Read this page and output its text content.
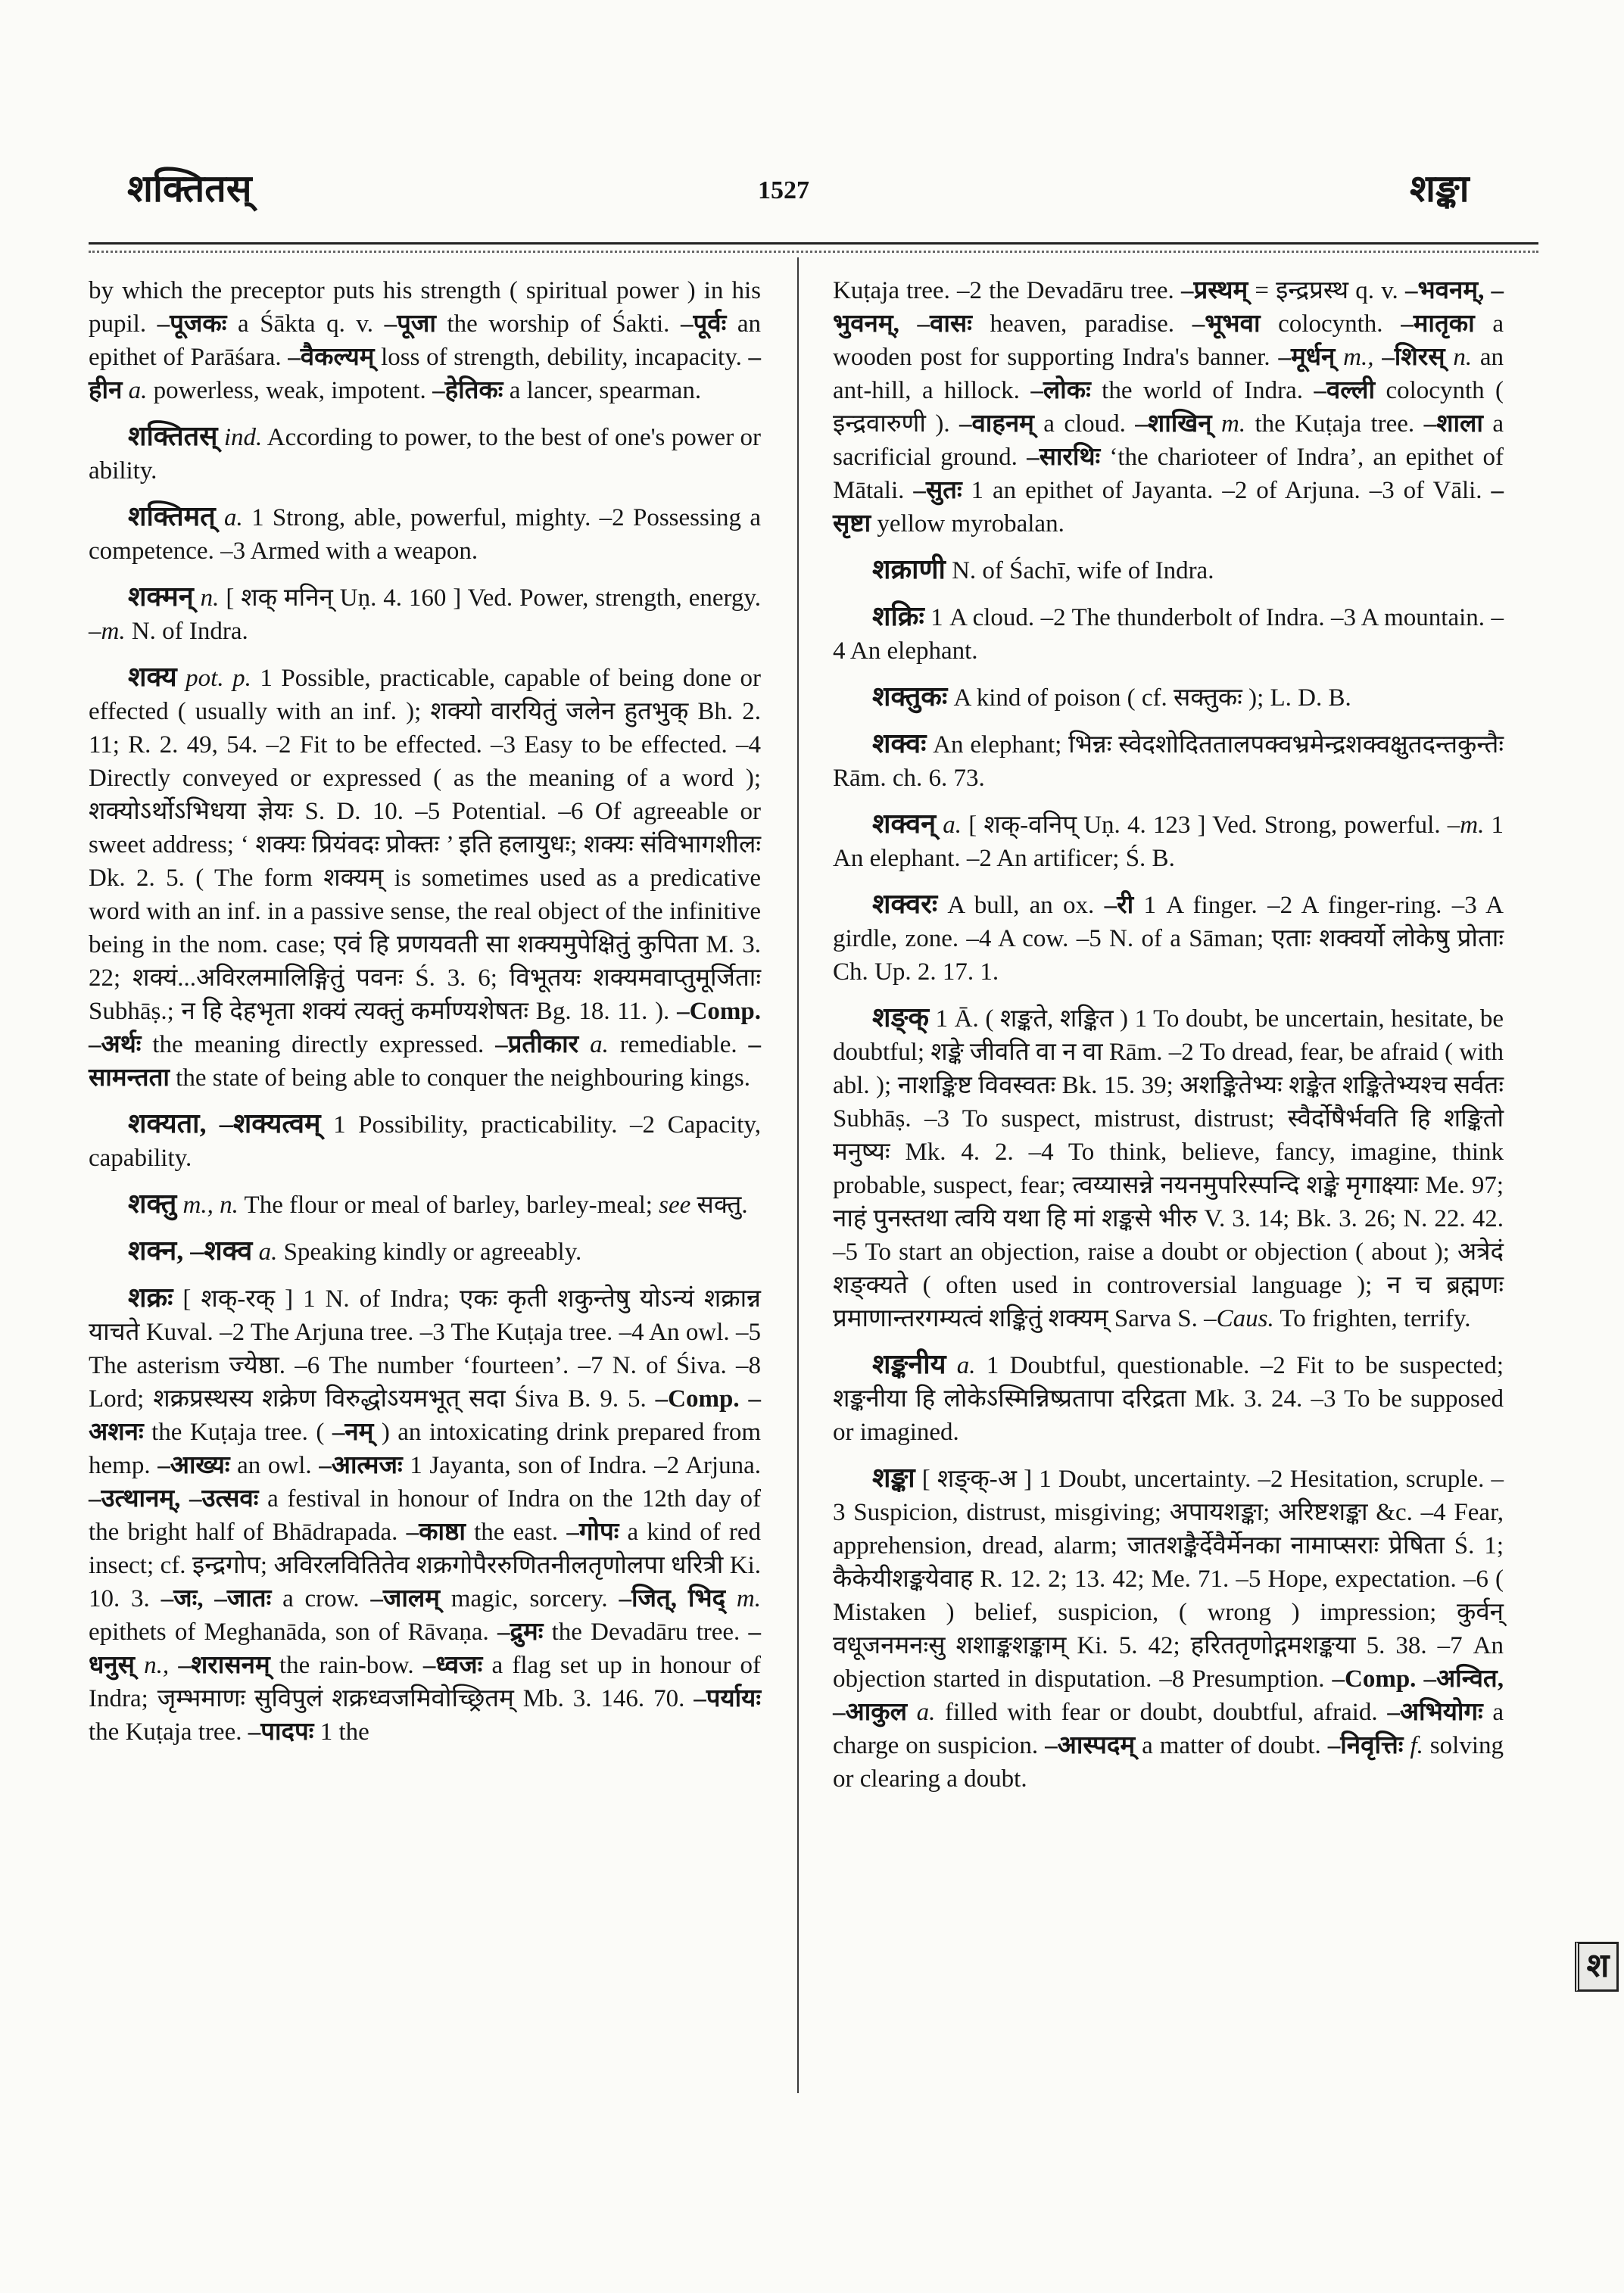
शक्तितस्	1527	शङ्का

by which the preceptor puts his strength ( spiritual power ) in his pupil. –पूजकः a Śākta q. v. –पूजा the worship of Śakti. –पूर्वः an epithet of Parāśara. –वैकल्यम् loss of strength, debility, incapacity. –हीन a. powerless, weak, impotent. –हेतिकः a lancer, spearman.

शक्तितस् ind. According to power, to the best of one's power or ability.

शक्तिमत् a. 1 Strong, able, powerful, mighty. –2 Possessing a competence. –3 Armed with a weapon.

शक्मन् n. [ शक् मनिन् Uṇ. 4. 160 ] Ved. Power, strength, energy. –m. N. of Indra.

शक्य pot. p. 1 Possible, practicable, capable of being done or effected ( usually with an inf. ); शक्यो वारयितुं जलेन हुतभुक् Bh. 2. 11; R. 2. 49, 54. –2 Fit to be effected. –3 Easy to be effected. –4 Directly conveyed or expressed ( as the meaning of a word ); शक्योऽर्थोऽभिधया ज्ञेयः S. D. 10. –5 Potential. –6 Of agreeable or sweet address; ‘ शक्यः प्रियंवदः प्रोक्तः ’ इति हलायुधः; शक्यः संविभागशीलः Dk. 2. 5. ( The form शक्यम् is sometimes used as a predicative word with an inf. in a passive sense, the real object of the infinitive being in the nom. case; एवं हि प्रणयवती सा शक्यमुपेक्षितुं कुपिता M. 3. 22; शक्यं...अविरलमालिङ्गितुं पवनः Ś. 3. 6; विभूतयः शक्यमवाप्तुमूर्जिताः Subhāṣ.; न हि देहभृता शक्यं त्यक्तुं कर्माण्यशेषतः Bg. 18. 11. ). –Comp. –अर्थः the meaning directly expressed. –प्रतीकार a. remediable. –सामन्तता the state of being able to conquer the neighbouring kings.

शक्यता, –शक्यत्वम् 1 Possibility, practicability. –2 Capacity, capability.

शक्तु m., n. The flour or meal of barley, barley-meal; see सक्तु.

शक्न, –शक्व a. Speaking kindly or agreeably.

शक्रः [ शक्-रक् ] 1 N. of Indra; एकः कृती शकुन्तेषु योऽन्यं शक्रान्न याचते Kuval. –2 The Arjuna tree. –3 The Kuṭaja tree. –4 An owl. –5 The asterism ज्येष्ठा. –6 The number ‘fourteen’. –7 N. of Śiva. –8 Lord; शक्रप्रस्थस्य शक्रेण विरुद्धोऽयमभूत् सदा Śiva B. 9. 5. –Comp. –अशनः the Kuṭaja tree. ( –नम् ) an intoxicating drink prepared from hemp. –आख्यः an owl. –आत्मजः 1 Jayanta, son of Indra. –2 Arjuna. –उत्थानम्, –उत्सवः a festival in honour of Indra on the 12th day of the bright half of Bhādrapada. –काष्ठा the east. –गोपः a kind of red insect; cf. इन्द्रगोप; अविरलवितितेव शक्रगोपैररुणितनीलतृणोलपा धरित्री Ki. 10. 3. –जः, –जातः a crow. –जालम् magic, sorcery. –जित्, भिद् m. epithets of Meghanāda, son of Rāvaṇa. –द्रुमः the Devadāru tree. –धनुस् n., –शरासनम् the rain-bow. –ध्वजः a flag set up in honour of Indra; जृम्भमाणः सुविपुलं शक्रध्वजमिवोच्छ्रितम् Mb. 3. 146. 70. –पर्यायः the Kuṭaja tree. –पादपः 1 the

Kuṭaja tree. –2 the Devadāru tree. –प्रस्थम् = इन्द्रप्रस्थ q. v. –भवनम्, –भुवनम्, –वासः heaven, paradise. –भूभवा colocynth. –मातृका a wooden post for supporting Indra's banner. –मूर्धन् m., –शिरस् n. an ant-hill, a hillock. –लोकः the world of Indra. –वल्ली colocynth ( इन्द्रवारुणी ). –वाहनम् a cloud. –शाखिन् m. the Kuṭaja tree. –शाला a sacrificial ground. –सारथिः ‘the charioteer of Indra’, an epithet of Mātali. –सुतः 1 an epithet of Jayanta. –2 of Arjuna. –3 of Vāli. –सृष्टा yellow myrobalan.

शक्राणी N. of Śachī, wife of Indra.

शक्रिः 1 A cloud. –2 The thunderbolt of Indra. –3 A mountain. –4 An elephant.

शक्तुकः A kind of poison ( cf. सक्तुकः ); L. D. B.

शक्वः An elephant; भिन्नः स्वेदशोदिततालपक्वभ्रमेन्द्रशक्वक्षुतदन्तकुन्तैः Rām. ch. 6. 73.

शक्वन् a. [ शक्-वनिप् Uṇ. 4. 123 ] Ved. Strong, powerful. –m. 1 An elephant. –2 An artificer; Ś. B.

शक्वरः A bull, an ox. –री 1 A finger. –2 A finger-ring. –3 A girdle, zone. –4 A cow. –5 N. of a Sāman; एताः शक्वर्यो लोकेषु प्रोताः Ch. Up. 2. 17. 1.

शङ्क् 1 Ā. ( शङ्कते, शङ्कित ) 1 To doubt, be uncertain, hesitate, be doubtful; शङ्के जीवति वा न वा Rām. –2 To dread, fear, be afraid ( with abl. ); नाशङ्किष्ट विवस्वतः Bk. 15. 39; अशङ्कितेभ्यः शङ्केत शङ्कितेभ्यश्च सर्वतः Subhāṣ. –3 To suspect, mistrust, distrust; स्वैर्दोषैर्भवति हि शङ्कितो मनुष्यः Mk. 4. 2. –4 To think, believe, fancy, imagine, think probable, suspect, fear; त्वय्यासन्ने नयनमुपरिस्पन्दि शङ्के मृगाक्ष्याः Me. 97; नाहं पुनस्तथा त्वयि यथा हि मां शङ्कसे भीरु V. 3. 14; Bk. 3. 26; N. 22. 42. –5 To start an objection, raise a doubt or objection ( about ); अत्रेदं शङ्क्यते ( often used in controversial language ); न च ब्रह्मणः प्रमाणान्तरगम्यत्वं शङ्कितुं शक्यम् Sarva S. –Caus. To frighten, terrify.

शङ्कनीय a. 1 Doubtful, questionable. –2 Fit to be suspected; शङ्कनीया हि लोकेऽस्मिन्निष्प्रतापा दरिद्रता Mk. 3. 24. –3 To be supposed or imagined.

शङ्का [ शङ्क्-अ ] 1 Doubt, uncertainty. –2 Hesitation, scruple. –3 Suspicion, distrust, misgiving; अपायशङ्का; अरिष्टशङ्का &c. –4 Fear, apprehension, dread, alarm; जातशङ्कैर्देवैर्मेनका नामाप्सराः प्रेषिता Ś. 1; कैकेयीशङ्कयेवाह R. 12. 2; 13. 42; Me. 71. –5 Hope, expectation. –6 ( Mistaken ) belief, suspicion, ( wrong ) impression; कुर्वन् वधूजनमनःसु शशाङ्कशङ्काम् Ki. 5. 42; हरिततृणोद्गमशङ्कया 5. 38. –7 An objection started in disputation. –8 Presumption. –Comp. –अन्वित, –आकुल a. filled with fear or doubt, doubtful, afraid. –अभियोगः a charge on suspicion. –आस्पदम् a matter of doubt. –निवृत्तिः f. solving or clearing a doubt.

श
